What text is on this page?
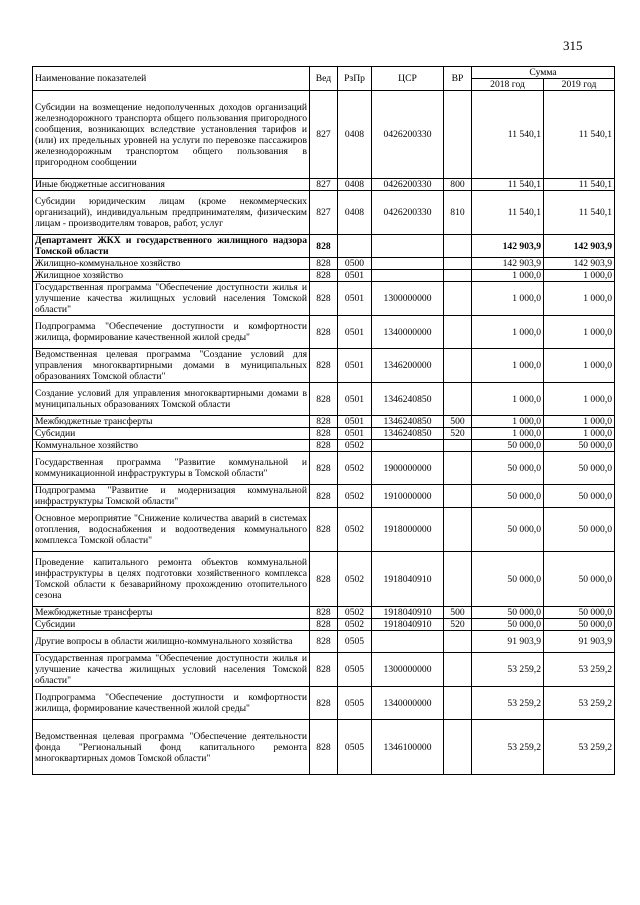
315
Наименование показателей	Вед	РзПр	ЦСР	ВР	Сумма	
					2018 год	2019 год
Субсидии на возмещение недополученных доходов организаций железнодорожного транспорта общего пользования пригородного сообщения, возникающих вследствие установления тарифов и (или) их предельных уровней на услуги по перевозке пассажиров железнодорожным транспортом общего пользования в пригородном сообщении	827	0408	0426200330		11 540,1	11 540,1
Иные бюджетные ассигнования	827	0408	0426200330	800	11 540,1	11 540,1
Субсидии юридическим лицам (кроме некоммерческих организаций), индивидуальным предпринимателям, физическим лицам - производителям товаров, работ, услуг	827	0408	0426200330	810	11 540,1	11 540,1
Департамент ЖКХ и государственного жилищного надзора Томской области	828				142 903,9	142 903,9
Жилищно-коммунальное хозяйство	828	0500			142 903,9	142 903,9
Жилищное хозяйство	828	0501			1 000,0	1 000,0
Государственная программа "Обеспечение доступности жилья и улучшение качества жилищных условий населения Томской области"	828	0501	1300000000		1 000,0	1 000,0
Подпрограмма "Обеспечение доступности и комфортности жилища, формирование качественной жилой среды"	828	0501	1340000000		1 000,0	1 000,0
Ведомственная целевая программа "Создание условий для управления многоквартирными домами в муниципальных образованиях Томской области"	828	0501	1346200000		1 000,0	1 000,0
Создание условий для управления многоквартирными домами в муниципальных образованиях Томской области	828	0501	1346240850		1 000,0	1 000,0
Межбюджетные трансферты	828	0501	1346240850	500	1 000,0	1 000,0
Субсидии	828	0501	1346240850	520	1 000,0	1 000,0
Коммунальное хозяйство	828	0502			50 000,0	50 000,0
Государственная программа "Развитие коммунальной и коммуникационной инфраструктуры в Томской области"	828	0502	1900000000		50 000,0	50 000,0
Подпрограмма "Развитие и модернизация коммунальной инфраструктуры Томской области"	828	0502	1910000000		50 000,0	50 000,0
Основное мероприятие "Снижение количества аварий в системах отопления, водоснабжения и водоотведения коммунального комплекса Томской области"	828	0502	1918000000		50 000,0	50 000,0
Проведение капитального ремонта объектов коммунальной инфраструктуры в целях подготовки хозяйственного комплекса Томской области к безаварийному прохождению отопительного сезона	828	0502	1918040910		50 000,0	50 000,0
Межбюджетные трансферты	828	0502	1918040910	500	50 000,0	50 000,0
Субсидии	828	0502	1918040910	520	50 000,0	50 000,0
Другие вопросы в области жилищно-коммунального хозяйства	828	0505			91 903,9	91 903,9
Государственная программа "Обеспечение доступности жилья и улучшение качества жилищных условий населения Томской области"	828	0505	1300000000		53 259,2	53 259,2
Подпрограмма "Обеспечение доступности и комфортности жилища, формирование качественной жилой среды"	828	0505	1340000000		53 259,2	53 259,2
Ведомственная целевая программа "Обеспечение деятельности фонда "Региональный фонд капитального ремонта многоквартирных домов Томской области"	828	0505	1346100000		53 259,2	53 259,2
